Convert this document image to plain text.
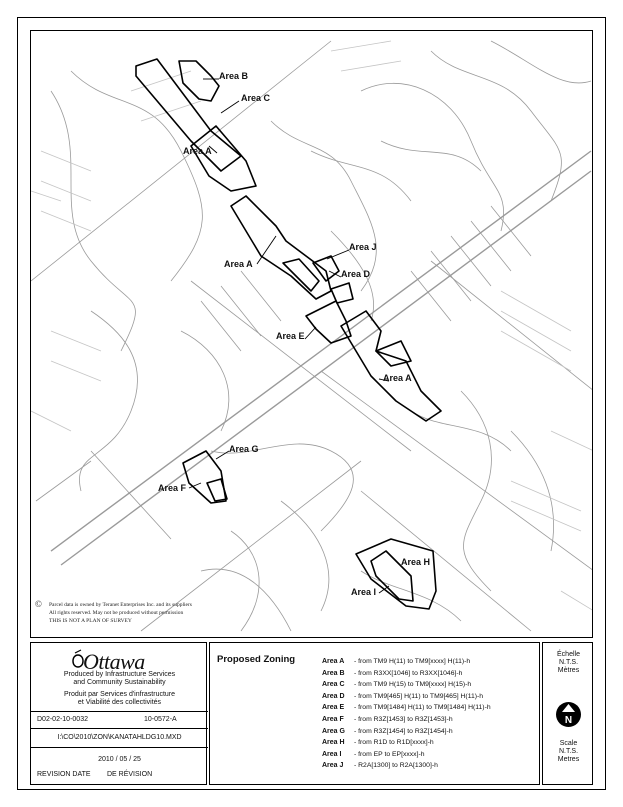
Area B
Area C
Area A
Area J
Area A
Area D
Area E
Area A
Area G
Area F
Area H
Area I
© Parcel data is owned by Teranet Enterprises Inc. and its suppliers
All rights reserved. May not be produced without permission
THIS IS NOT A PLAN OF SURVEY
Ottawa
Produced by Infrastructure Services
and Community Sustainability
Produit par Services d'infrastructure
et Viabilité des collectivités
D02-02-10-0032	10-0572-A
I:\CO\2010\ZON\KANATAHLDG10.MXD
2010 / 05 / 25
REVISION DATE DE RÉVISION
Proposed Zoning	Area A - from TM9 H(11) to TM9[xxxx] H(11)-h
Area B - from R3XX[1046] to R3XX[1046]-h
Area C - from TM9 H(15) to TM9[xxxx] H(15)-h
Area D - from TM9[465] H(11) to TM9[465] H(11)-h
Area E - from TM9[1484] H(11) to TM9[1484] H(11)-h
Area F - from R3Z[1453] to R3Z[1453]-h
Area G - from R3Z[1454] to R3Z[1454]-h
Area H - from R1D to R1D[xxxx]-h
Area I - from EP to EP[xxxx]-h
Area J - R2A[1300] to R2A[1300]-h
Échelle
N.T.S.
Mètres
N
Scale
N.T.S.
Metres
